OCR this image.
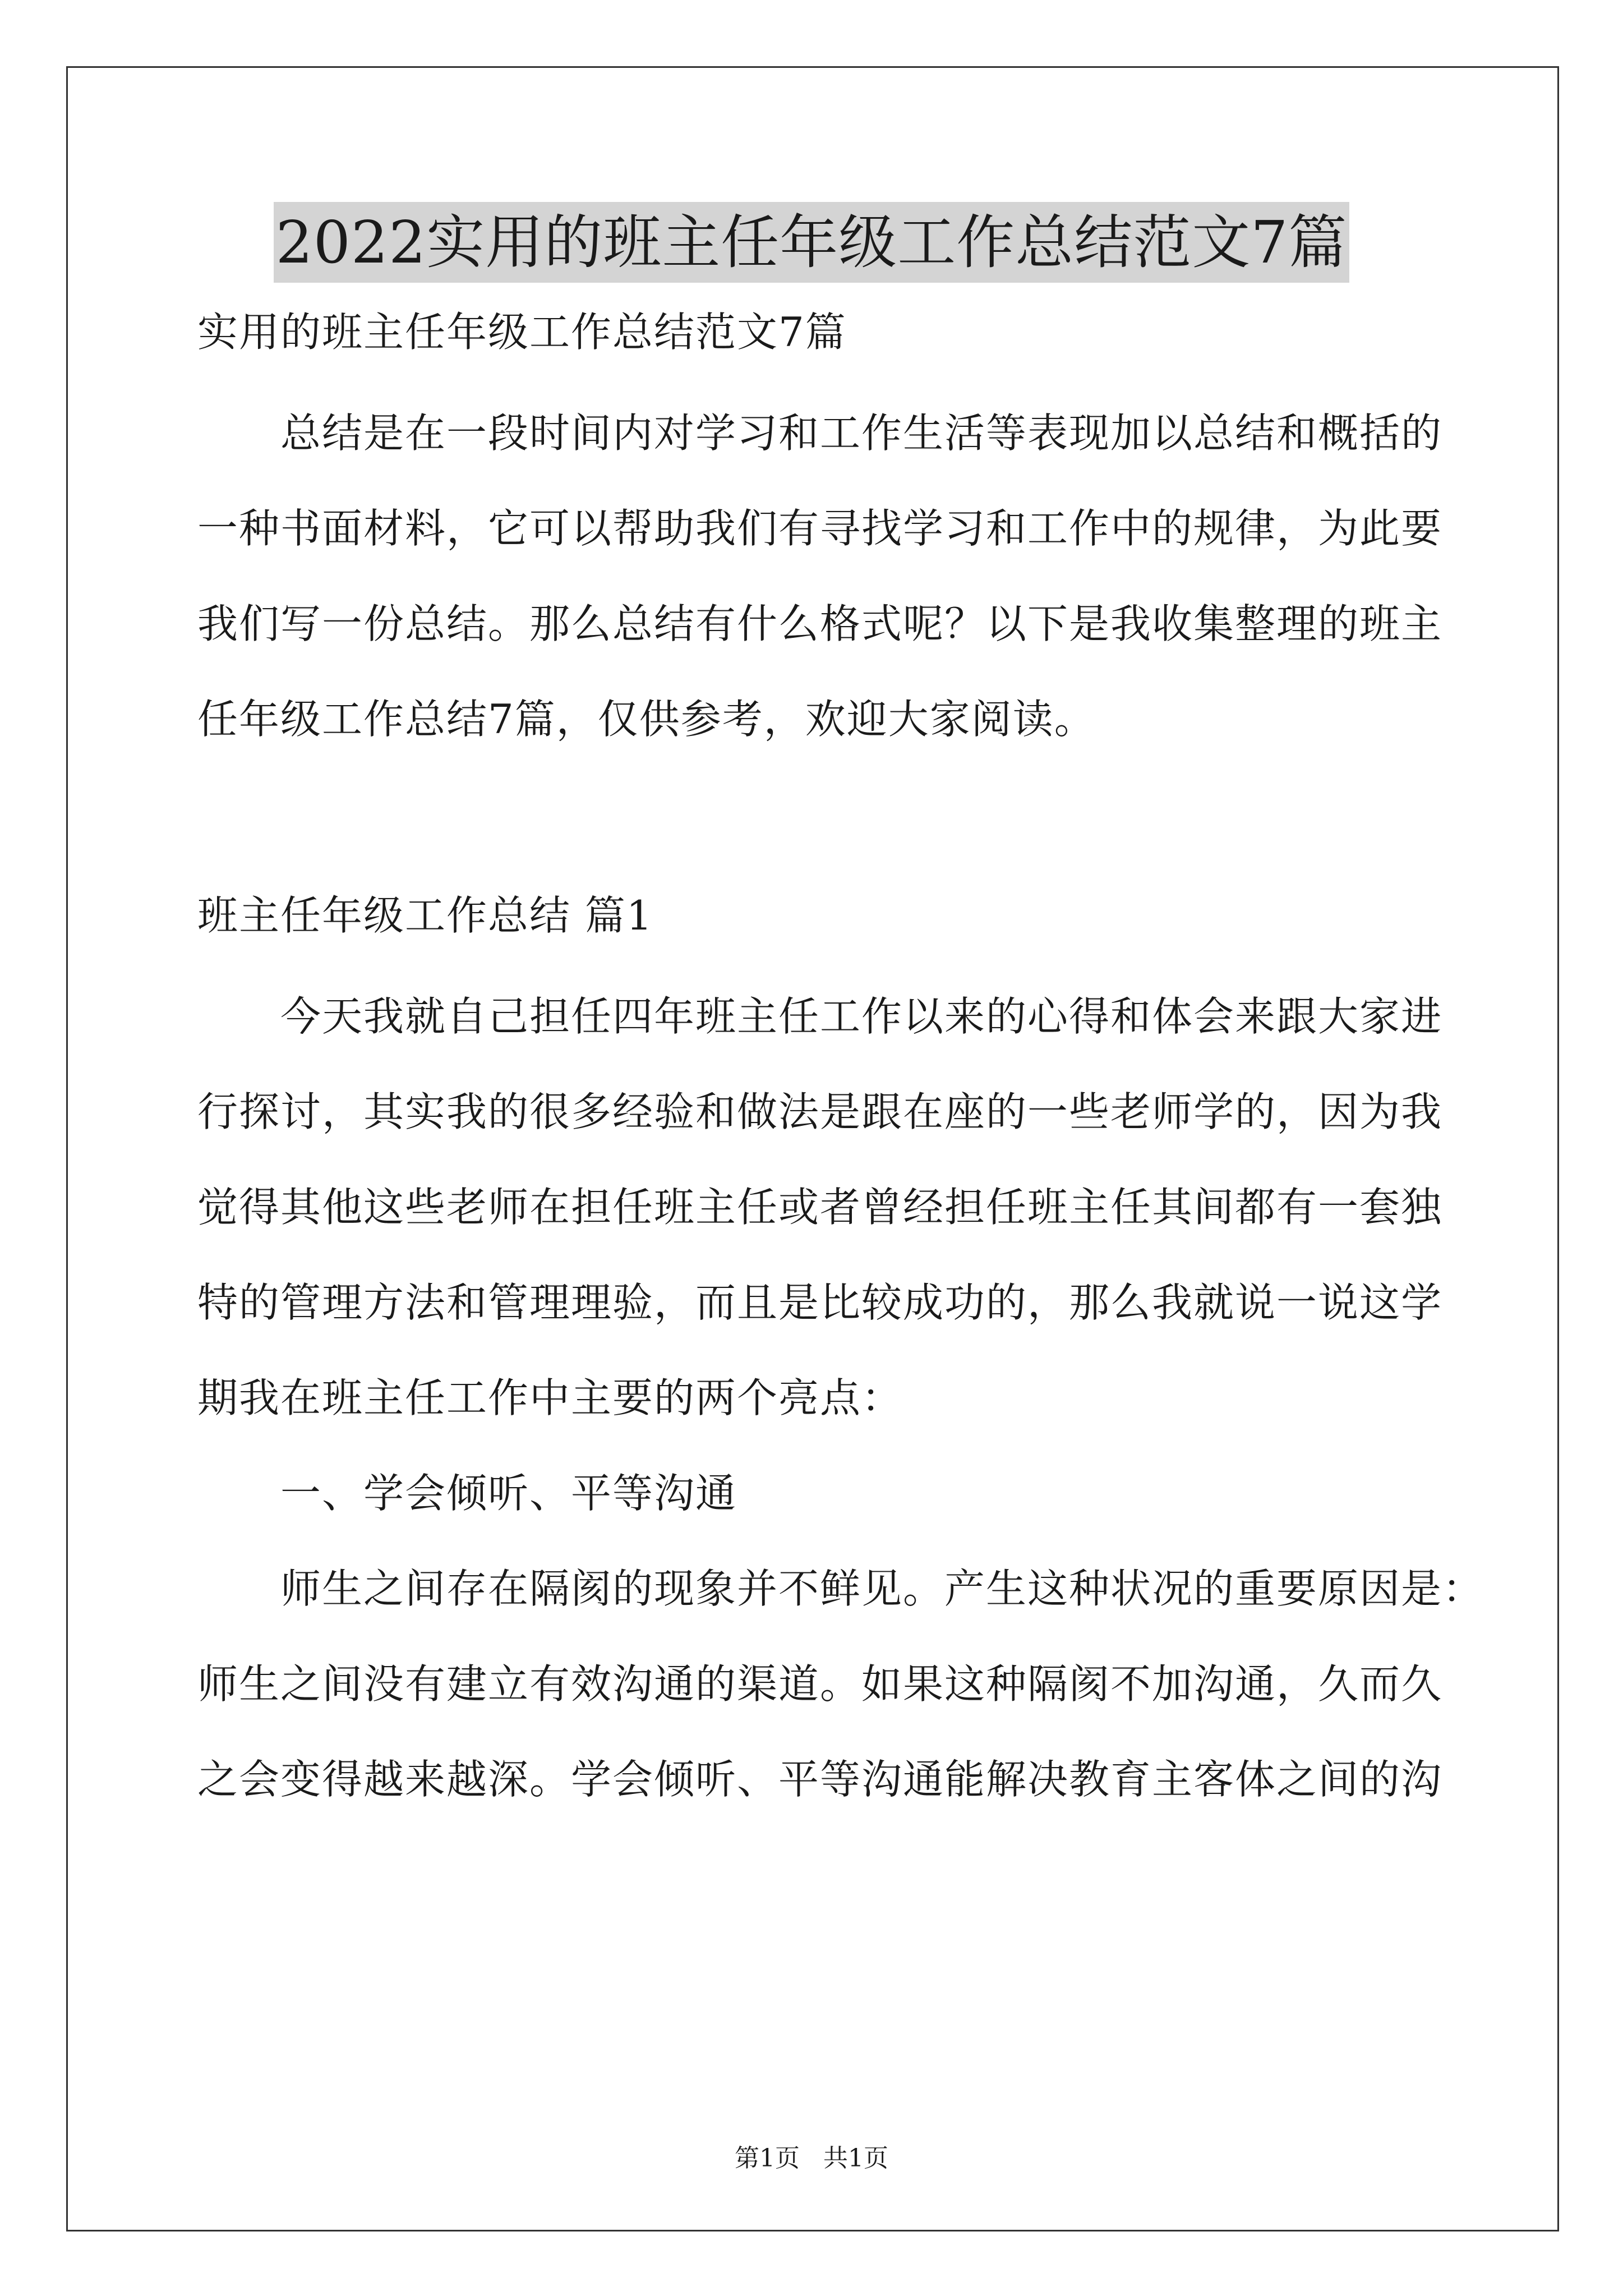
2022实用的班主任年级工作总结范文7篇
实用的班主任年级工作总结范文7篇
　　总结是在一段时间内对学习和工作生活等表现加以总结和概括的
一种书面材料，它可以帮助我们有寻找学习和工作中的规律，为此要
我们写一份总结。那么总结有什么格式呢？以下是我收集整理的班主
任年级工作总结7篇，仅供参考，欢迎大家阅读。
班主任年级工作总结 篇1
　　今天我就自己担任四年班主任工作以来的心得和体会来跟大家进
行探讨，其实我的很多经验和做法是跟在座的一些老师学的，因为我
觉得其他这些老师在担任班主任或者曾经担任班主任其间都有一套独
特的管理方法和管理理验，而且是比较成功的，那么我就说一说这学
期我在班主任工作中主要的两个亮点：
　　一、学会倾听、平等沟通
　　师生之间存在隔阂的现象并不鲜见。产生这种状况的重要原因是：
师生之间没有建立有效沟通的渠道。如果这种隔阂不加沟通，久而久
之会变得越来越深。学会倾听、平等沟通能解决教育主客体之间的沟
第1页 共1页
